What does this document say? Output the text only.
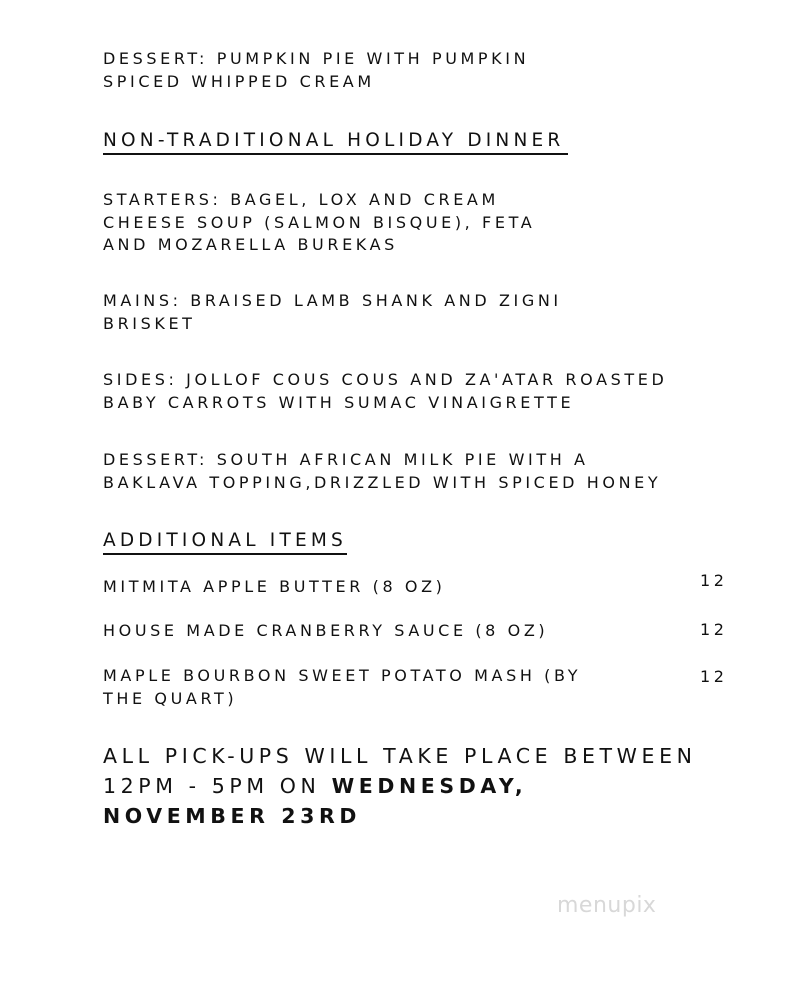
DESSERT: PUMPKIN PIE WITH PUMPKIN

SPICED WHIPPED CREAM

NON-TRADITIONAL HOLIDAY DINNER

STARTERS: BAGEL, LOX AND CREAM

CHEESE SOUP (SALMON BISQUE), FETA

AND MOZARELLA BUREKAS

MAINS: BRAISED LAMB SHANK AND ZIGNI

BRISKET

SIDES: JOLLOF COUS COUS AND ZA'ATAR ROASTED

BABY CARROTS WITH SUMAC VINAIGRETTE

DESSERT: SOUTH AFRICAN MILK PIE WITH A

BAKLAVA TOPPING,DRIZZLED WITH SPICED HONEY

ADDITIONAL ITEMS

MITMITA APPLE BUTTER (8 OZ)	12

HOUSE MADE CRANBERRY SAUCE (8 OZ)	12

MAPLE BOURBON SWEET POTATO MASH (BY

THE QUART)

12
ALL PICK-UPS WILL TAKE PLACE BETWEEN
12PM - 5PM ON WEDNESDAY,
NOVEMBER 23RD
menupix
